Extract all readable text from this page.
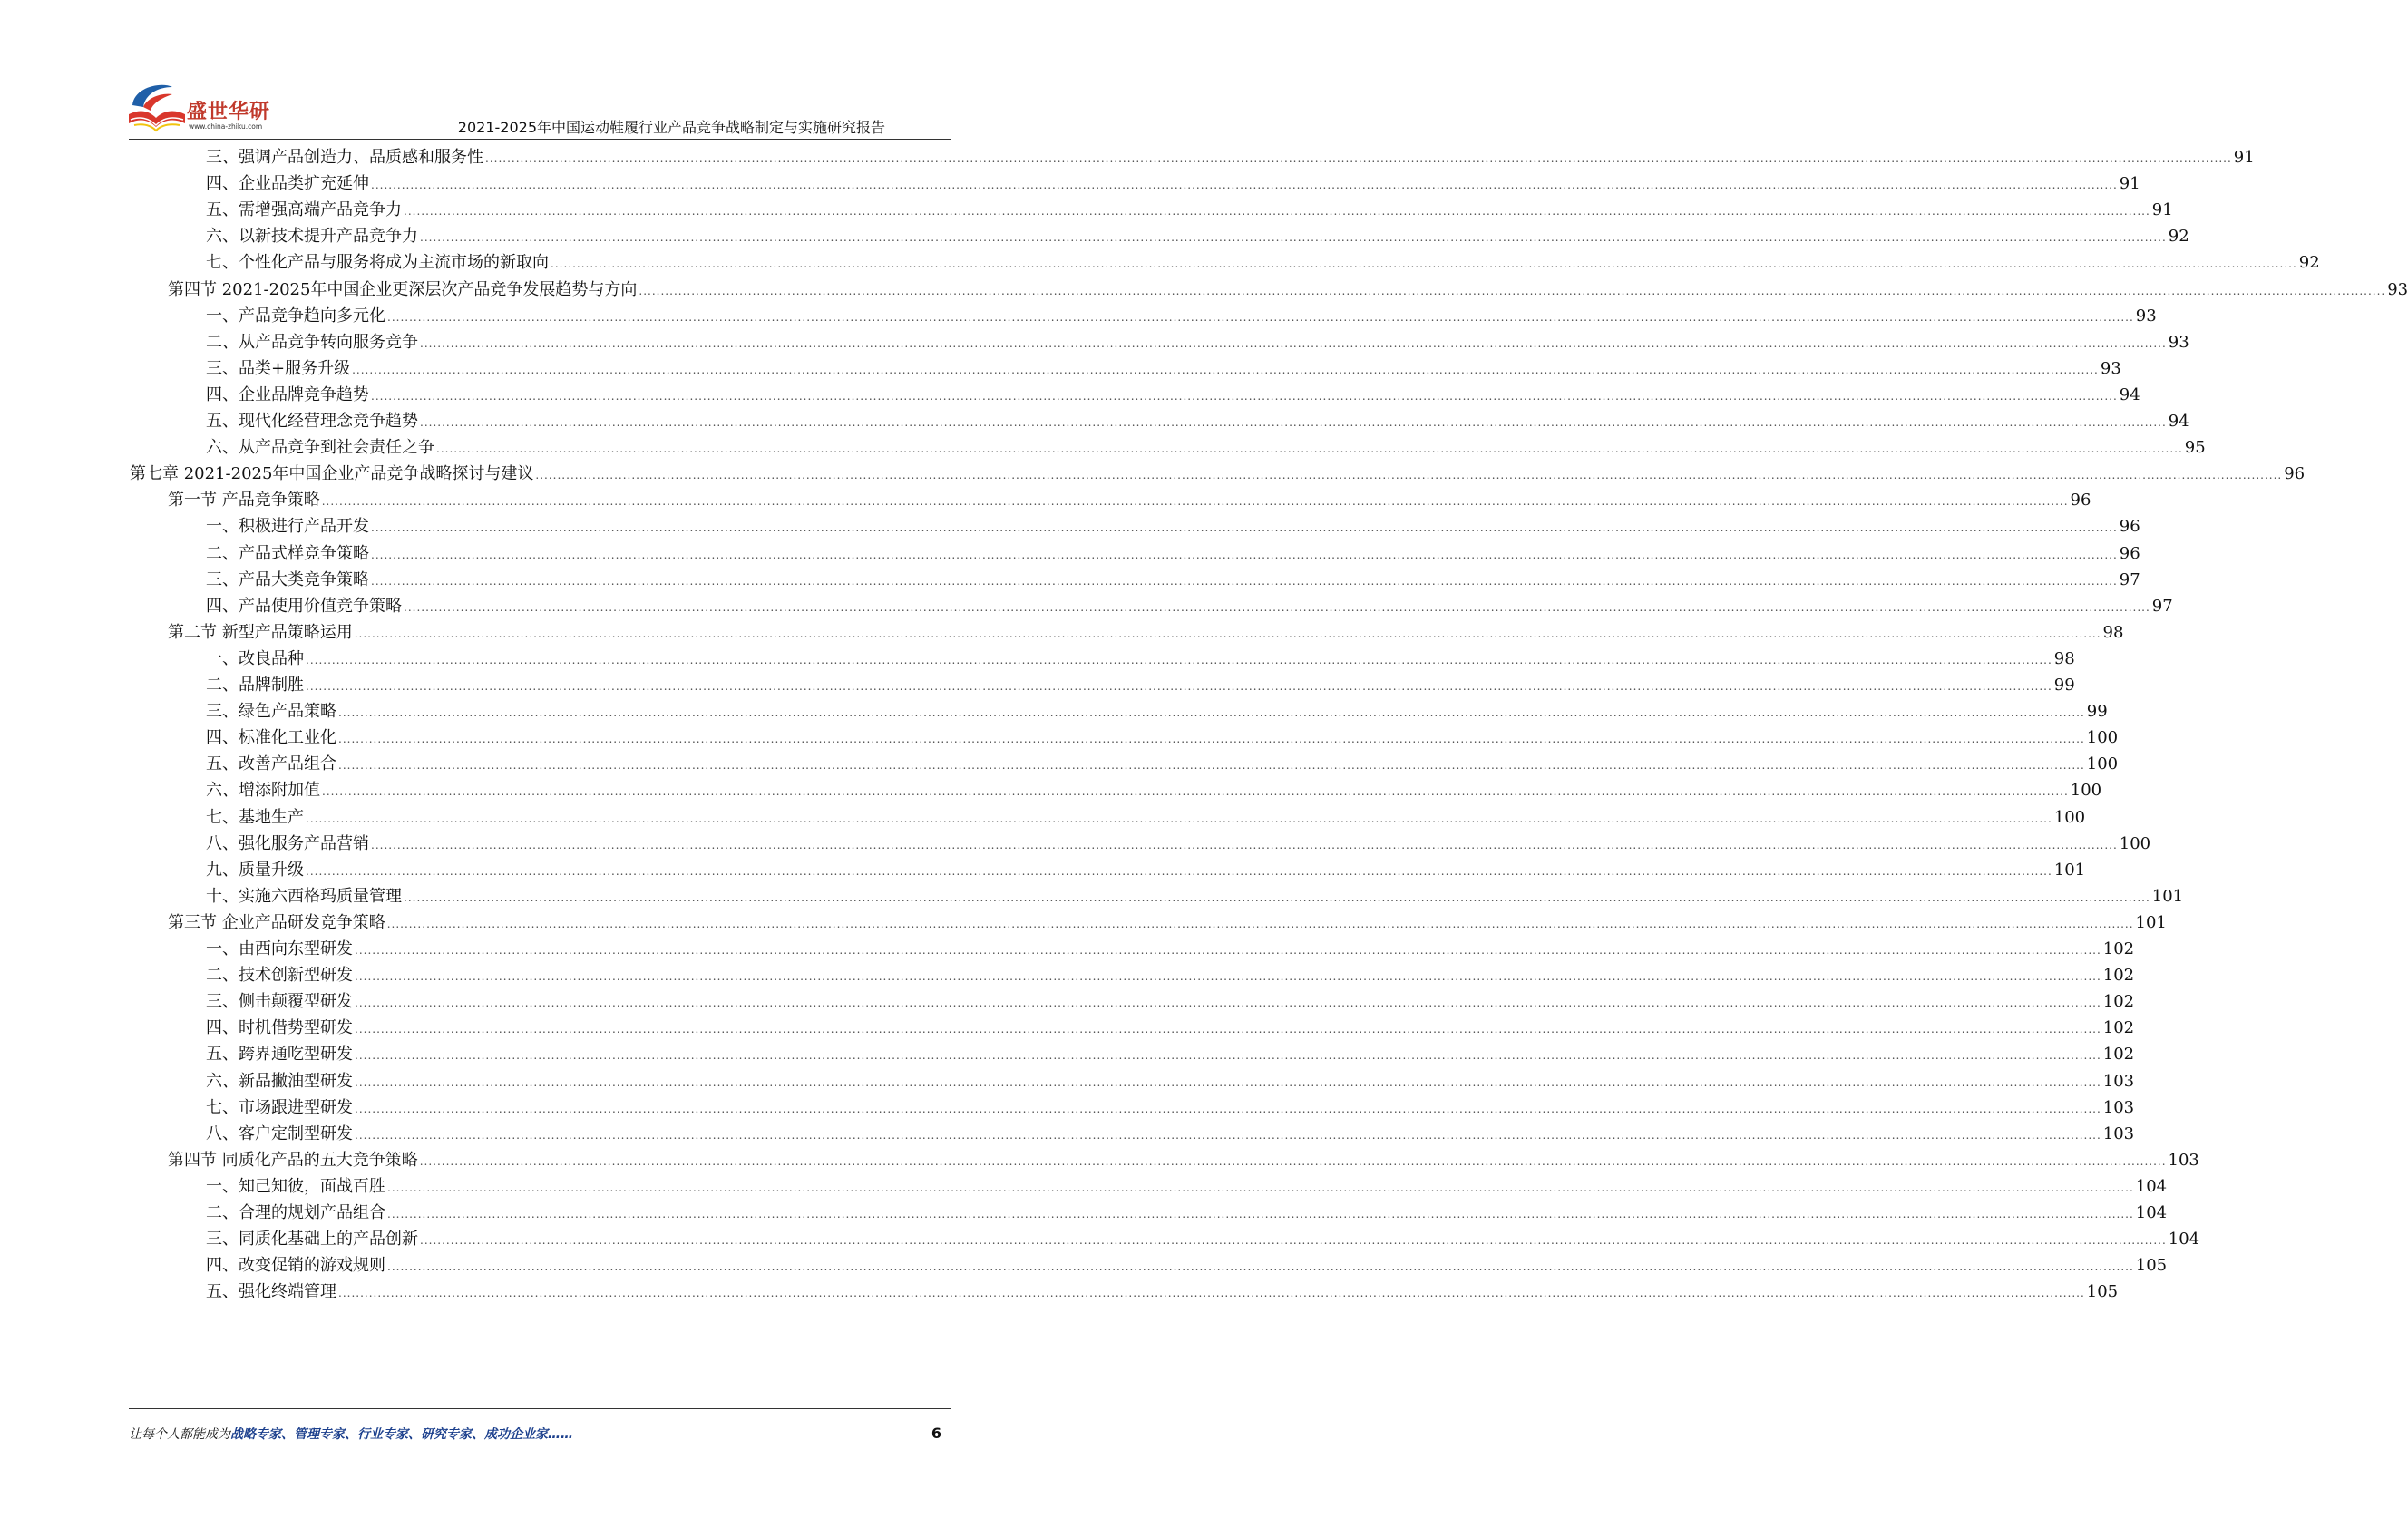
盛世华研
www.china-zhiku.com	2021-2025年中国运动鞋履行业产品竞争战略制定与实施研究报告
三、强调产品创造力、品质感和服务性 ................................................................................................................................................................................................................................................................................................................................................................................................................ 91
四、企业品类扩充延伸 ................................................................................................................................................................................................................................................................................................................................................................................................................ 91
五、需增强高端产品竞争力 ................................................................................................................................................................................................................................................................................................................................................................................................................ 91
六、以新技术提升产品竞争力 ................................................................................................................................................................................................................................................................................................................................................................................................................ 92
七、个性化产品与服务将成为主流市场的新取向 ................................................................................................................................................................................................................................................................................................................................................................................................................ 92
第四节 2021-2025年中国企业更深层次产品竞争发展趋势与方向 ................................................................................................................................................................................................................................................................................................................................................................................................................ 93
一、产品竞争趋向多元化 ................................................................................................................................................................................................................................................................................................................................................................................................................ 93
二、从产品竞争转向服务竞争 ................................................................................................................................................................................................................................................................................................................................................................................................................ 93
三、品类+服务升级 ................................................................................................................................................................................................................................................................................................................................................................................................................ 93
四、企业品牌竞争趋势 ................................................................................................................................................................................................................................................................................................................................................................................................................ 94
五、现代化经营理念竞争趋势 ................................................................................................................................................................................................................................................................................................................................................................................................................ 94
六、从产品竞争到社会责任之争 ................................................................................................................................................................................................................................................................................................................................................................................................................ 95
第七章 2021-2025年中国企业产品竞争战略探讨与建议 ................................................................................................................................................................................................................................................................................................................................................................................................................ 96
第一节 产品竞争策略 ................................................................................................................................................................................................................................................................................................................................................................................................................ 96
一、积极进行产品开发 ................................................................................................................................................................................................................................................................................................................................................................................................................ 96
二、产品式样竞争策略 ................................................................................................................................................................................................................................................................................................................................................................................................................ 96
三、产品大类竞争策略 ................................................................................................................................................................................................................................................................................................................................................................................................................ 97
四、产品使用价值竞争策略 ................................................................................................................................................................................................................................................................................................................................................................................................................ 97
第二节 新型产品策略运用 ................................................................................................................................................................................................................................................................................................................................................................................................................ 98
一、改良品种 ................................................................................................................................................................................................................................................................................................................................................................................................................ 98
二、品牌制胜 ................................................................................................................................................................................................................................................................................................................................................................................................................ 99
三、绿色产品策略 ................................................................................................................................................................................................................................................................................................................................................................................................................ 99
四、标准化工业化 ................................................................................................................................................................................................................................................................................................................................................................................................................ 100
五、改善产品组合 ................................................................................................................................................................................................................................................................................................................................................................................................................ 100
六、增添附加值 ................................................................................................................................................................................................................................................................................................................................................................................................................ 100
七、基地生产 ................................................................................................................................................................................................................................................................................................................................................................................................................ 100
八、强化服务产品营销 ................................................................................................................................................................................................................................................................................................................................................................................................................ 100
九、质量升级 ................................................................................................................................................................................................................................................................................................................................................................................................................ 101
十、实施六西格玛质量管理 ................................................................................................................................................................................................................................................................................................................................................................................................................ 101
第三节 企业产品研发竞争策略 ................................................................................................................................................................................................................................................................................................................................................................................................................ 101
一、由西向东型研发 ................................................................................................................................................................................................................................................................................................................................................................................................................ 102
二、技术创新型研发 ................................................................................................................................................................................................................................................................................................................................................................................................................ 102
三、侧击颠覆型研发 ................................................................................................................................................................................................................................................................................................................................................................................................................ 102
四、时机借势型研发 ................................................................................................................................................................................................................................................................................................................................................................................................................ 102
五、跨界通吃型研发 ................................................................................................................................................................................................................................................................................................................................................................................................................ 102
六、新品撇油型研发 ................................................................................................................................................................................................................................................................................................................................................................................................................ 103
七、市场跟进型研发 ................................................................................................................................................................................................................................................................................................................................................................................................................ 103
八、客户定制型研发 ................................................................................................................................................................................................................................................................................................................................................................................................................ 103
第四节 同质化产品的五大竞争策略 ................................................................................................................................................................................................................................................................................................................................................................................................................ 103
一、知己知彼，面战百胜 ................................................................................................................................................................................................................................................................................................................................................................................................................ 104
二、合理的规划产品组合 ................................................................................................................................................................................................................................................................................................................................................................................................................ 104
三、同质化基础上的产品创新 ................................................................................................................................................................................................................................................................................................................................................................................................................ 104
四、改变促销的游戏规则 ................................................................................................................................................................................................................................................................................................................................................................................................................ 105
五、强化终端管理 ................................................................................................................................................................................................................................................................................................................................................................................................................ 105
让每个人都能成为战略专家、管理专家、行业专家、研究专家、成功企业家……	6
